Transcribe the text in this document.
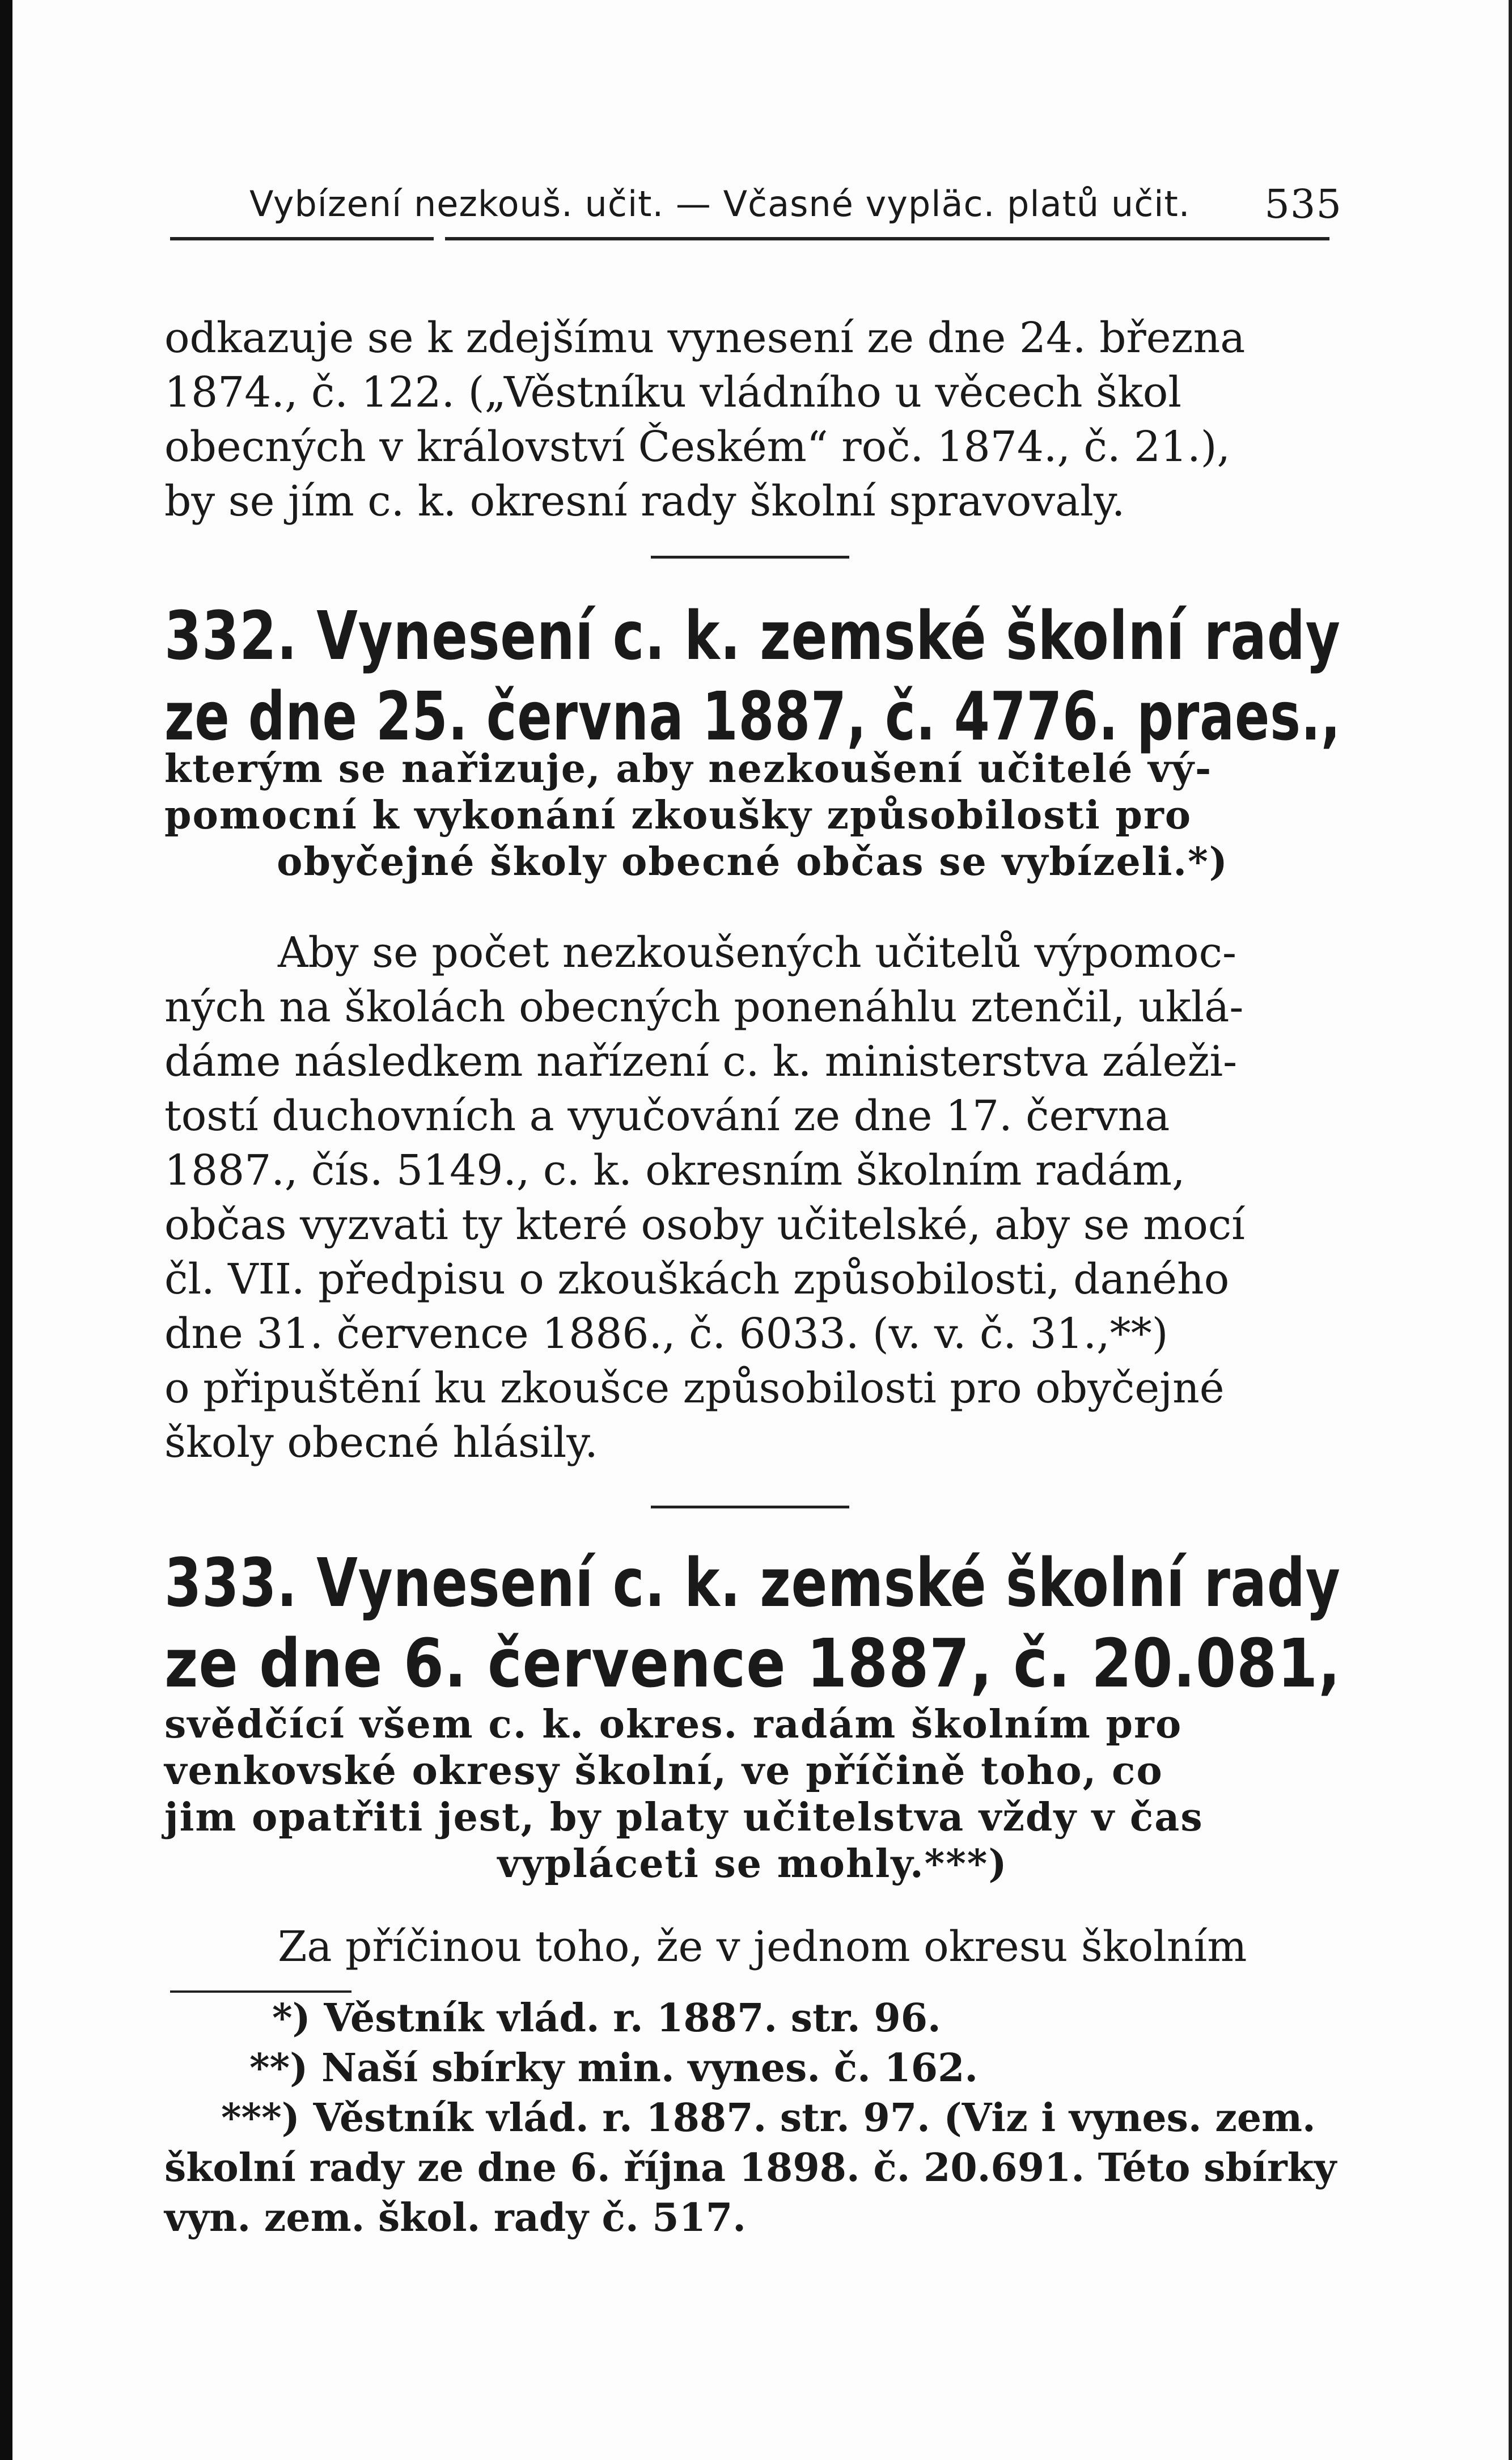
Vybízení nezkouš. učit. — Včasné vypläc. platů učit. 535

odkazuje se k zdejšímu vynesení ze dne 24. března

1874., č. 122. („Věstníku vládního u věcech škol

obecných v království Českém“ roč. 1874., č. 21.),

by se jím c. k. okresní rady školní spravovaly.

332. Vynesení c. k. zemské školní rady
ze dne 25. června 1887, č. 4776. praes.,
kterým se nařizuje, aby nezkoušení učitelé vý-
pomocní k vykonání zkoušky způsobilosti pro
obyčejné školy obecné občas se vybízeli.*)

Aby se počet nezkoušených učitelů výpomoc-

ných na školách obecných ponenáhlu ztenčil, uklá-

dáme následkem nařízení c. k. ministerstva záleži-

tostí duchovních a vyučování ze dne 17. června

1887., čís. 5149., c. k. okresním školním radám,

občas vyzvati ty které osoby učitelské, aby se mocí

čl. VII. předpisu o zkouškách způsobilosti, daného

dne 31. července 1886., č. 6033. (v. v. č. 31.,**)

o připuštění ku zkoušce způsobilosti pro obyčejné

školy obecné hlásily.

333. Vynesení c. k. zemské školní rady
ze dne 6. července 1887, č. 20.081,
svědčící všem c. k. okres. radám školním pro
venkovské okresy školní, ve příčině toho, co
jim opatřiti jest, by platy učitelstva vždy v čas
vypláceti se mohly.***)

Za příčinou toho, že v jednom okresu školním

*) Věstník vlád. r. 1887. str. 96.

**) Naší sbírky min. vynes. č. 162.

***) Věstník vlád. r. 1887. str. 97. (Viz i vynes. zem.

školní rady ze dne 6. října 1898. č. 20.691. Této sbírky

vyn. zem. škol. rady č. 517.
